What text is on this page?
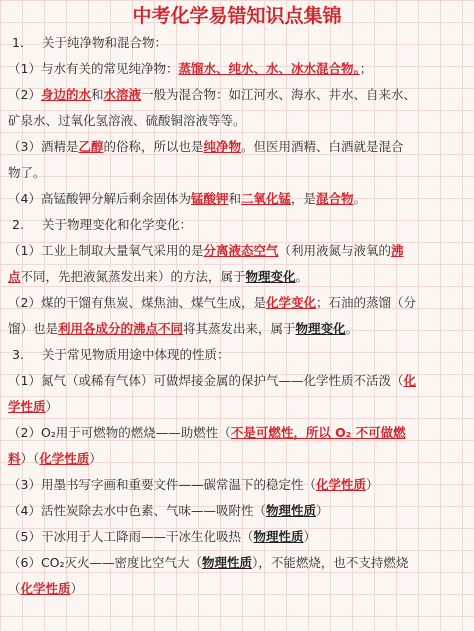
中考化学易错知识点集锦
1. 关于纯净物和混合物：
（1）与水有关的常见纯净物：蒸馏水、纯水、水、冰水混合物。；
（2）身边的水和水溶液一般为混合物：如江河水、海水、井水、自来水、
矿泉水、过氧化氢溶液、硫酸铜溶液等等。
（3）酒精是乙醇的俗称，所以也是纯净物。但医用酒精、白酒就是混合
物了。
（4）高锰酸钾分解后剩余固体为锰酸钾和二氧化锰，是混合物。
2. 关于物理变化和化学变化：
（1）工业上制取大量氧气采用的是分离液态空气（利用液氮与液氧的沸
点不同，先把液氮蒸发出来）的方法，属于物理变化。
（2）煤的干馏有焦炭、煤焦油、煤气生成，是化学变化；石油的蒸馏（分
馏）也是利用各成分的沸点不同将其蒸发出来，属于物理变化。
3. 关于常见物质用途中体现的性质：
（1）氮气（或稀有气体）可做焊接金属的保护气——化学性质不活泼（化
学性质）
（2）O₂用于可燃物的燃烧——助燃性（不是可燃性，所以 O₂ 不可做燃
料）（化学性质）
（3）用墨书写字画和重要文件——碳常温下的稳定性（化学性质）
（4）活性炭除去水中色素、气味——吸附性（物理性质）
（5）干冰用于人工降雨——干冰生化吸热（物理性质）
（6）CO₂灭火——密度比空气大（物理性质），不能燃烧，也不支持燃烧
（化学性质）
